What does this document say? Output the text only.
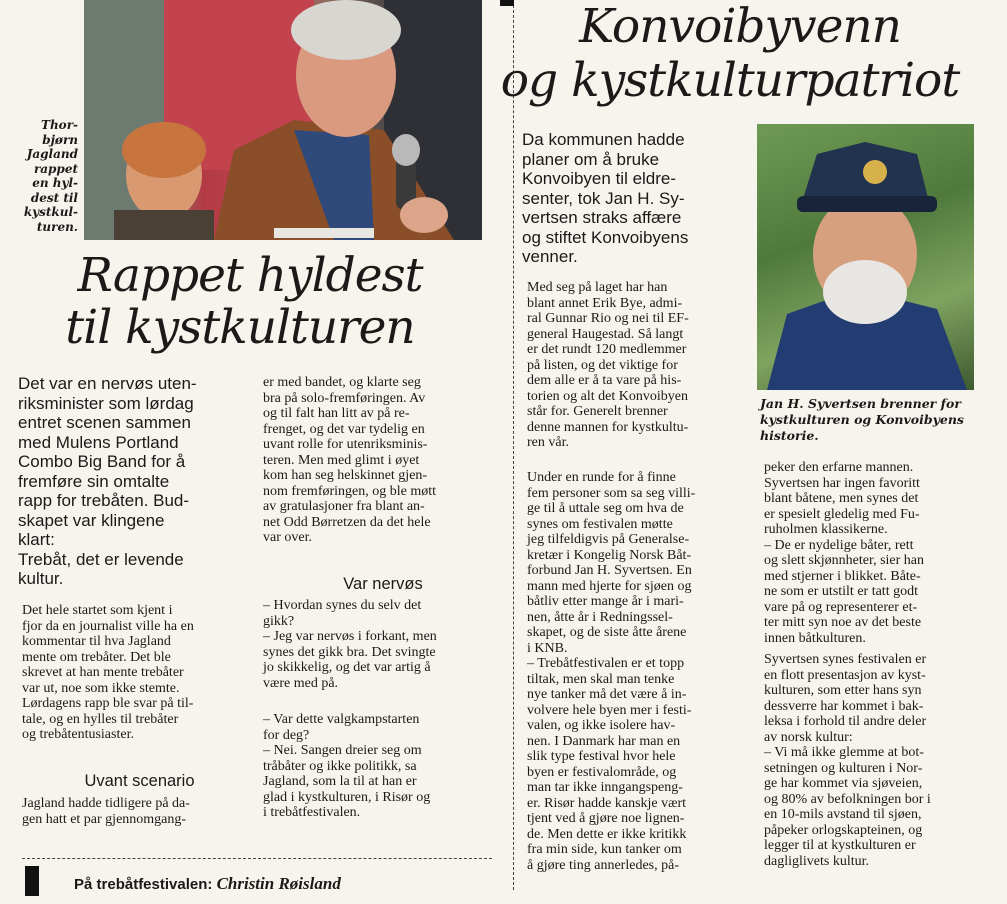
Thor-
bjørn
Jagland
rappet
en hyl-
dest til
kystkul-
turen.
Rappet hyldest
til kystkulturen
Det var en nervøs uten-
riksminister som lørdag
entret scenen sammen
med Mulens Portland
Combo Big Band for å
fremføre sin omtalte
rapp for trebåten. Bud-
skapet var klingene
klart:
Trebåt, det er levende
kultur.
Det hele startet som kjent i
fjor da en journalist ville ha en
kommentar til hva Jagland
mente om trebåter. Det ble
skrevet at han mente trebåter
var ut, noe som ikke stemte.
Lørdagens rapp ble svar på til-
tale, og en hylles til trebåter
og trebåtentusiaster.
Uvant scenario
Jagland hadde tidligere på da-
gen hatt et par gjennomgang-
er med bandet, og klarte seg
bra på solo-fremføringen. Av
og til falt han litt av på re-
frenget, og det var tydelig en
uvant rolle for utenriksminis-
teren. Men med glimt i øyet
kom han seg helskinnet gjen-
nom fremføringen, og ble møtt
av gratulasjoner fra blant an-
net Odd Børretzen da det hele
var over.
Var nervøs
– Hvordan synes du selv det
gikk?
– Jeg var nervøs i forkant, men
synes det gikk bra. Det svingte
jo skikkelig, og det var artig å
være med på.
– Var dette valgkampstarten
for deg?
– Nei. Sangen dreier seg om
tråbåter og ikke politikk, sa
Jagland, som la til at han er
glad i kystkulturen, i Risør og
i trebåtfestivalen.
På trebåtfestivalen: Christin Røisland
Konvoibyvenn
og kystkulturpatriot
Da kommunen hadde
planer om å bruke
Konvoibyen til eldre-
senter, tok Jan H. Sy-
vertsen straks affære
og stiftet Konvoibyens
venner.
Jan H. Syvertsen brenner for
kystkulturen og Konvoibyens
historie.
Med seg på laget har han
blant annet Erik Bye, admi-
ral Gunnar Rio og nei til EF-
general Haugestad. Så langt
er det rundt 120 medlemmer
på listen, og det viktige for
dem alle er å ta vare på his-
torien og alt det Konvoibyen
står for. Generelt brenner
denne mannen for kystkultu-
ren vår.
Under en runde for å finne
fem personer som sa seg villi-
ge til å uttale seg om hva de
synes om festivalen møtte
jeg tilfeldigvis på Generalse-
kretær i Kongelig Norsk Båt-
forbund Jan H. Syvertsen. En
mann med hjerte for sjøen og
båtliv etter mange år i mari-
nen, åtte år i Redningssel-
skapet, og de siste åtte årene
i KNB.
– Trebåtfestivalen er et topp
tiltak, men skal man tenke
nye tanker må det være å in-
volvere hele byen mer i festi-
valen, og ikke isolere hav-
nen. I Danmark har man en
slik type festival hvor hele
byen er festivalområde, og
man tar ikke inngangspeng-
er. Risør hadde kanskje vært
tjent ved å gjøre noe lignen-
de. Men dette er ikke kritikk
fra min side, kun tanker om
å gjøre ting annerledes, på-
peker den erfarne mannen.
Syvertsen har ingen favoritt
blant båtene, men synes det
er spesielt gledelig med Fu-
ruholmen klassikerne.
– De er nydelige båter, rett
og slett skjønnheter, sier han
med stjerner i blikket. Båte-
ne som er utstilt er tatt godt
vare på og representerer et-
ter mitt syn noe av det beste
innen båtkulturen.
Syvertsen synes festivalen er
en flott presentasjon av kyst-
kulturen, som etter hans syn
dessverre har kommet i bak-
leksa i forhold til andre deler
av norsk kultur:
– Vi må ikke glemme at bot-
setningen og kulturen i Nor-
ge har kommet via sjøveien,
og 80% av befolkningen bor i
en 10-mils avstand til sjøen,
påpeker orlogskapteinen, og
legger til at kystkulturen er
dagliglivets kultur.
